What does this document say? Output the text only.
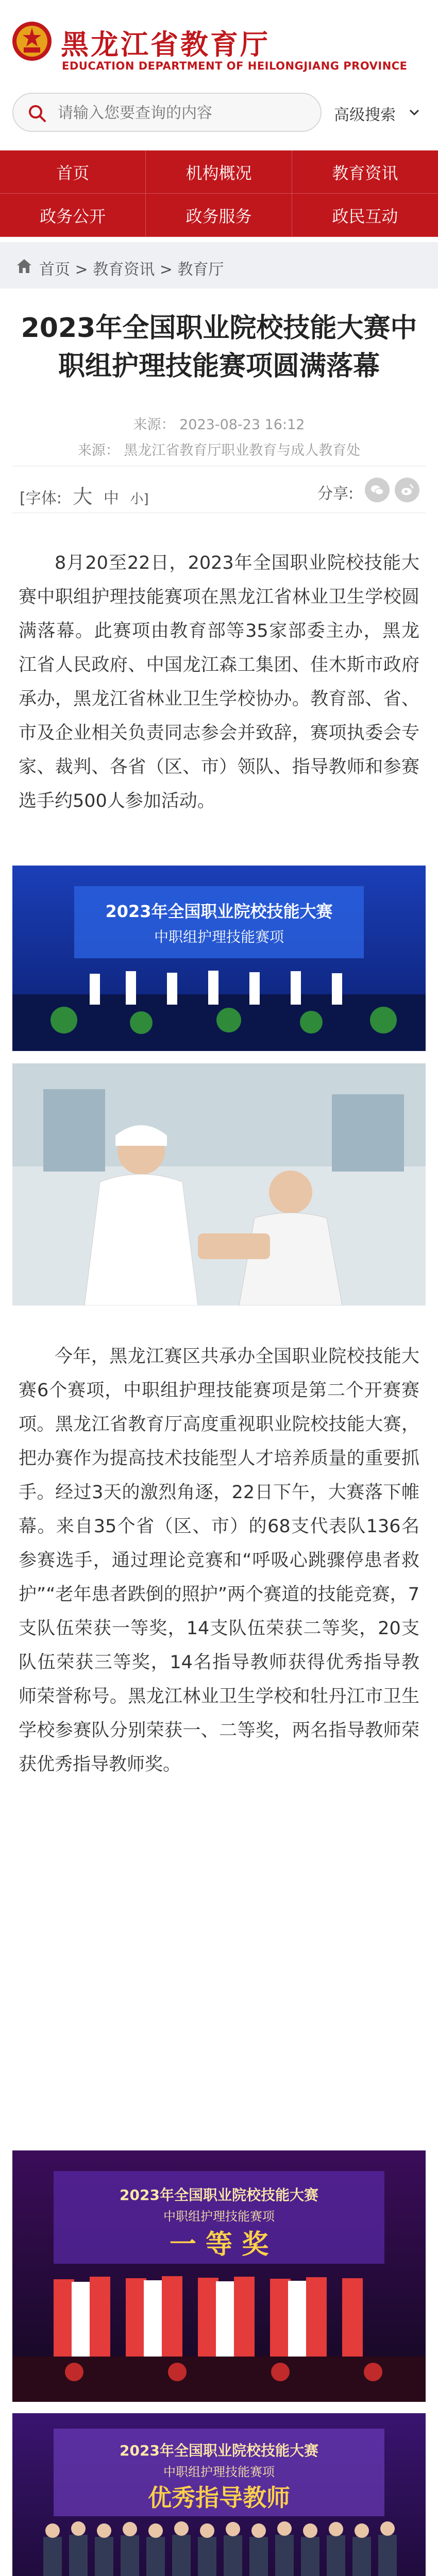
黑龙江省教育厅
EDUCATION DEPARTMENT OF HEILONGJIANG PROVINCE
请输入您要查询的内容
高级搜索
首页	机构概况	教育资讯
政务公开	政务服务	政民互动
首页 > 教育资讯 > 教育厅
2023年全国职业院校技能大赛中职组护理技能赛项圆满落幕
来源： 2023-08-23 16:12
来源： 黑龙江省教育厅职业教育与成人教育处
[字体: 大 中 小]	分享:
8月20至22日，2023年全国职业院校技能大赛中职组护理技能赛项在黑龙江省林业卫生学校圆满落幕。此赛项由教育部等35家部委主办，黑龙江省人民政府、中国龙江森工集团、佳木斯市政府承办，黑龙江省林业卫生学校协办。教育部、省、市及企业相关负责同志参会并致辞，赛项执委会专家、裁判、各省（区、市）领队、指导教师和参赛选手约500人参加活动。
2023年全国职业院校技能大赛
中职组护理技能赛项
今年，黑龙江赛区共承办全国职业院校技能大赛6个赛项，中职组护理技能赛项是第二个开赛赛项。黑龙江省教育厅高度重视职业院校技能大赛，把办赛作为提高技术技能型人才培养质量的重要抓手。经过3天的激烈角逐，22日下午，大赛落下帷幕。来自35个省（区、市）的68支代表队136名参赛选手，通过理论竞赛和“呼吸心跳骤停患者救护”“老年患者跌倒的照护”两个赛道的技能竞赛，7支队伍荣获一等奖，14支队伍荣获二等奖，20支队伍荣获三等奖，14名指导教师获得优秀指导教师荣誉称号。黑龙江林业卫生学校和牡丹江市卫生学校参赛队分别荣获一、二等奖，两名指导教师荣获优秀指导教师奖。
2023年全国职业院校技能大赛
中职组护理技能赛项
一 等 奖
2023年全国职业院校技能大赛
中职组护理技能赛项
优秀指导教师
